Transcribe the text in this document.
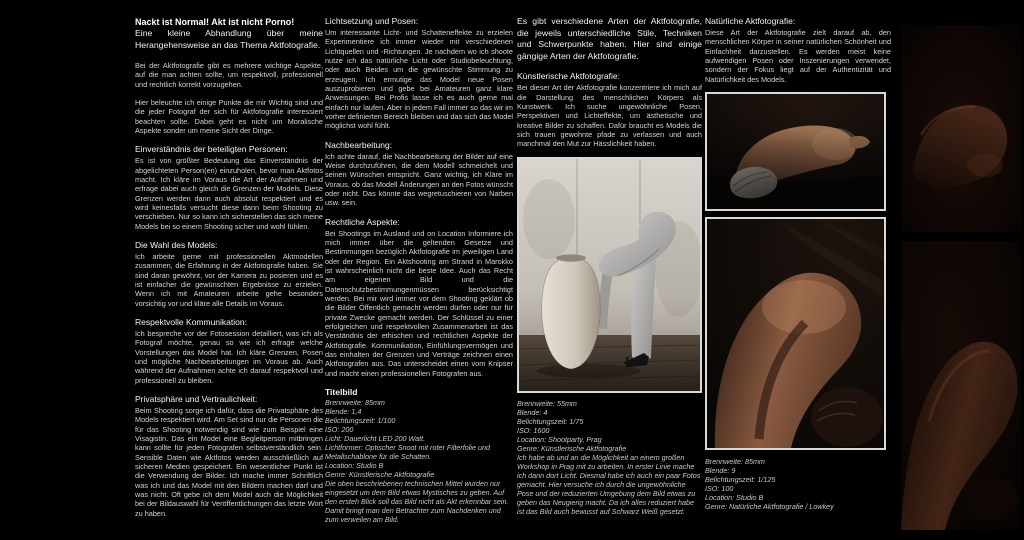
Nackt ist Normal! Akt ist nicht Porno!

Eine kleine Abhandlung über meine Herangehensweise an das Thema Aktfotografie.

Bei der Aktfotografie gibt es mehrere wichtige Aspekte, auf die man achten sollte, um respektvoll, professionell und rechtlich korrekt vorzugehen.

Hier beleuchte ich einige Punkte die mir Wichtig sind und die jeder Fotograf der sich für Aktfotografie interessiert beachten sollte. Dabei geht es nicht um Moralische Aspekte sonder um meine Sicht der Dinge.

Einverständnis der beteiligten Personen:

Es ist von größter Bedeutung das Einverständnis der abgelichteten Person(en) einzuholen, bevor man Aktfotos macht. Ich kläre im Voraus die Art der Aufnahmen und erfrage dabei auch gleich die Grenzen der Models. Diese Grenzen werden dann auch absolut respektiert und es wird keinesfalls versucht diese dann beim Shooting zu verschieben. Nur so kann ich sicherstellen das sich meine Models bei so einem Shooting sicher und wohl fühlen.

Die Wahl des Models:

Ich arbeite gerne mit professionellen Aktmodellen zusammen, die Erfahrung in der Aktfotografie haben. Sie sind daran gewöhnt, vor der Kamera zu posieren und es ist einfacher die gewünschten Ergebnisse zu erzielen. Wenn ich mit Amateuren arbeite gehe besonders vorsichtig vor und kläre alle Details im Voraus.

Respektvolle Kommunikation:

Ich bespreche vor der Fotosession detailliert, was ich als Fotograf möchte, genau so wie ich erfrage welche Vorstellungen das Model hat. Ich kläre Grenzen, Posen und mögliche Nachbearbeitungen im Voraus ab. Auch während der Aufnahmen achte ich darauf respektvoll und professionell zu bleiben.

Privatsphäre und Vertraulichkeit:

Beim Shooting sorge ich dafür, dass die Privatsphäre des Models respektiert wird. Am Set sind nur die Personen die für das Shooting notwendig sind wie zum Beispiel eine Visagistin. Das ein Model eine Begleitperson mitbringen kann sollte für jeden Fotografen selbstverständlich sein. Sensible Daten wie Aktfotos werden ausschließlich auf sicheren Medien gespeichert. Ein wesentlicher Punkt ist die Verwendung der Bilder. Ich mache immer Schriftlich was ich und das Model mit den Bildern machen darf und was nicht. Oft gebe ich dem Model auch die Möglichkeit bei der Bildauswahl für Veröffentlichungen das letzte Wort zu haben.

Lichtsetzung und Posen:

Um interessante Licht- und Schatteneffekte zu erzielen Experimentiere ich immer wieder mit verschiedenen Lichtquellen und -Richtungen. Je nachdem wo ich shoote nutze ich das natürliche Licht oder Studiobeleuchtung, oder auch Beides um die gewünschte Stimmung zu erzeugen. Ich ermutige das Model neue Posen auszuprobieren und gebe bei Amateuren ganz klare Anweisungen. Bei Profis lasse ich es auch gerne mal einfach nur laufen. Aber in jedem Fall immer so das wir im vorher definierten Bereich bleiben und das sich das Model möglichst wohl fühlt.

Nachbearbeitung:

Ich achte darauf, die Nachbearbeitung der Bilder auf eine Weise durchzuführen, die dem Modell schmeichelt und seinen Wünschen entspricht. Ganz wichtig, ich Kläre im Voraus, ob das Modell Änderungen an den Fotos wünscht oder nicht. Das könnte das wegretuschieren von Narben usw. sein.

Rechtliche Aspekte:

Bei Shootings im Ausland und on Location Informiere ich mich immer über die geltenden Gesetze und Bestimmungen bezüglich Aktfotografie im jeweiligen Land oder der Region. Ein Aktshooting am Strand in Marokko ist wahrscheinlich nicht die beste Idee. Auch das Recht am eigenen Bild und die Datenschutzbestimmungenmüssen berücksichtigt werden. Bei mir wird immer vor dem Shooting geklärt ob die Bilder Öffentlich gemacht werden dürfen oder nur für private Zwecke gemacht werden. Der Schlüssel zu einer erfolgreichen und respektvollen Zusammenarbeit ist das Verständnis der ethischen und rechtlichen Aspekte der Aktfotografie. Kommunikation, Einfühlungsvermögen und das einhalten der Grenzen und Verträge zeichnen einen Aktfotografen aus. Das unterscheidet einen vom Knipser und macht einen professionellen Fotografen aus.

Titelbild

Brennweite: 85mm
Blende: 1,4
Belichtungszeit: 1/100
ISO: 200
Licht: Dauerlicht LED 200 Watt.
Lichtformer: Optischer Snoot mit roter Filterfolie und Metallschablone für die Schatten.
Location: Studio B
Genre: Künstlerische Aktfotografie

Die oben beschriebenen technischen Mittel wurden nur eingesetzt um dem Bild etwas Mystisches zu geben. Auf den ersteh Blick soll das Bild nicht als Akt erkennbar sein. Damit bringt man den Betrachter zum Nachdenken und zum verweilen am Bild.

Es gibt verschiedene Arten der Aktfotografie, die jeweils unterschiedliche Stile, Techniken und Schwerpunkte haben. Hier sind einige gängige Arten der Aktfotografie.

Künstlerische Aktfotografie:

Bei dieser Art der Aktfotografie konzentriere ich mich auf die Darstellung des menschlichen Körpers als Kunstwerk. Ich suche ungewöhnliche Posen, Perspektiven und Lichteffekte, um ästhetische und kreative Bilder zu schaffen. Dafür braucht es Models die sich trauen gewohnte pfade zu verlassen und auch manchmal den Mut zur Hässlichkeit haben.

Brennweite: 55mm
Blende: 4
Belichtungszeit: 1/75
ISO: 1600
Location: Shootparty, Prag
Genre: Künstlerische Aktfotografie

Ich habe ab und an die Möglichkeit an einem großen Workshop in Prag mit zu arbeiten. In erster Linie mache ich dann dort Licht. Diesmal habe ich auch ein paar Fotos gemacht. Hier versuche ich durch die ungewöhnliche Pose und der reduzierten Umgebung dem Bild etwas zu geben das Neugierig macht. Da ich alles reduziert habe ist das Bild auch bewusst auf Schwarz Weiß gesetzt.

Natürliche Aktfotografie:

Diese Art der Aktfotografie zielt darauf ab, den menschlichen Körper in seiner natürlichen Schönheit und Einfachheit darzustellen. Es werden meist keine aufwendigen Posen oder Inszenierungen verwendet, sondern der Fokus liegt auf der Authentizität und Natürlichkeit des Models.

Brennweite: 85mm
Blende: 9
Belichtungszeit: 1/125
ISO: 100
Location: Studio B
Genre: Natürliche Aktfotografie / Lowkey
